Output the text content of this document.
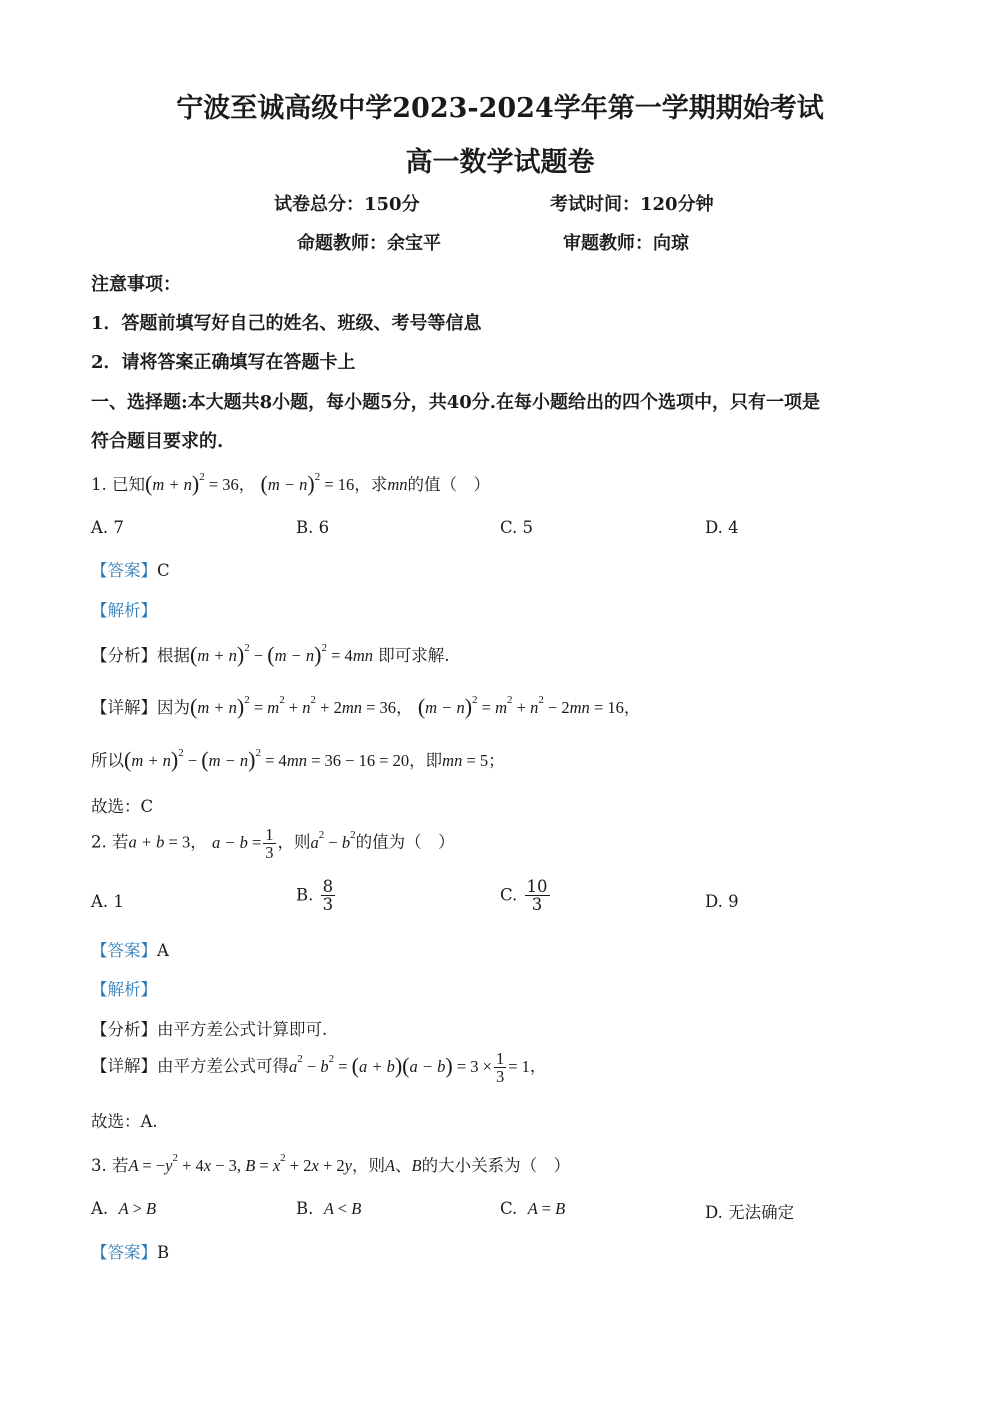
宁波至诚高级中学2023-2024学年第一学期期始考试
高一数学试题卷
试卷总分：150分	考试时间：120分钟
命题教师：余宝平	审题教师：向琼
注意事项：
1．答题前填写好自己的姓名、班级、考号等信息
2．请将答案正确填写在答题卡上
一、选择题:本大题共8小题，每小题5分，共40分.在每小题给出的四个选项中，只有一项是
符合题目要求的.
1. 已知$(m + n)^2 = 36$， $(m - n)^2 = 16$，求mn的值（　）
A. 7	B. 6	C. 5	D. 4
【答案】C
【解析】
【分析】根据$(m + n)^2 - (m - n)^2 = 4mn$ 即可求解.
【详解】因为$(m + n)^2 = m^2 + n^2 + 2mn = 36$， $(m - n)^2 = m^2 + n^2 - 2mn = 16$，
所以$(m + n)^2 - (m - n)^2 = 4mn = 36 - 16 = 20$，即mn = 5；
故选：C
2. 若a + b = 3， $a - b = \frac{1}{3}$ ，则$a^2 - b^2$的值为（　）
A. 1	B. $\frac{8}{3}$	C. $\frac{10}{3}$	D. 9
【答案】A
【解析】
【分析】由平方差公式计算即可.
【详解】由平方差公式可得$a^2 - b^2 = (a + b)(a - b) = 3 \times \frac{1}{3} = 1$，
故选：A.
3. 若$A = -y^2 + 4x - 3$, $B = x^2 + 2x + 2y$，则A、B的大小关系为（　）
A. A > B	B. A < B	C. A = B	D. 无法确定
【答案】B
